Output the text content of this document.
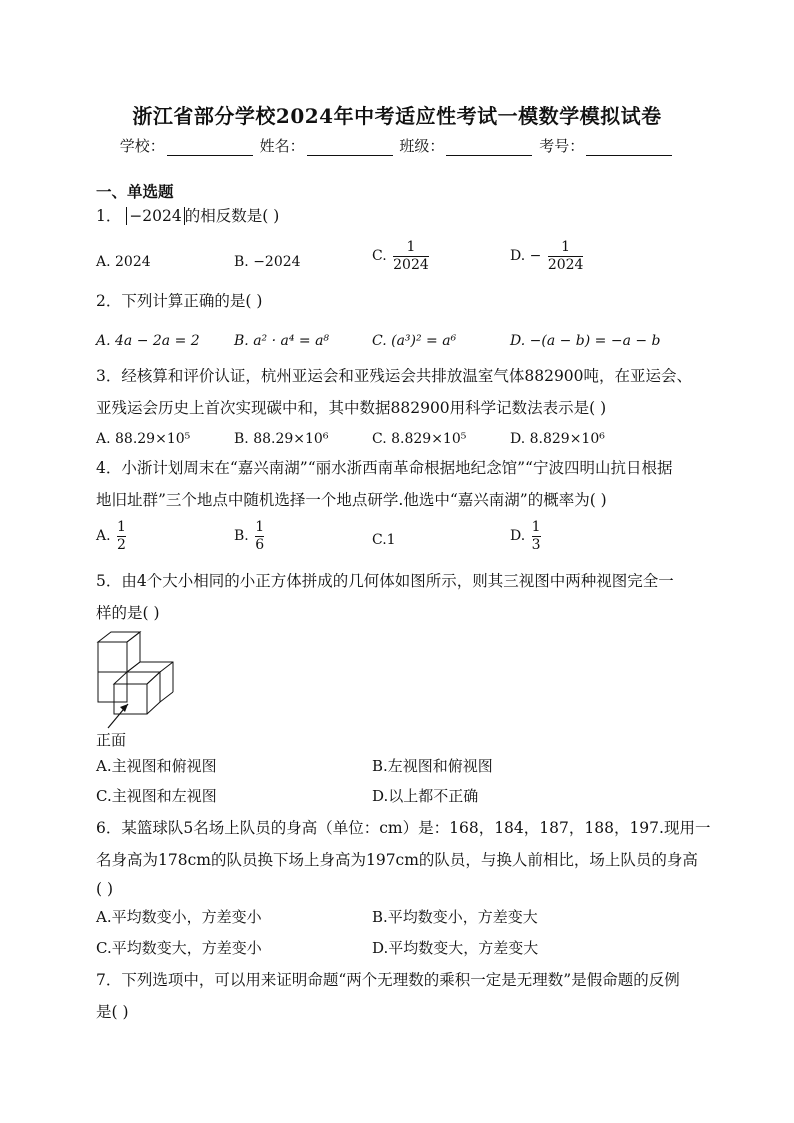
浙江省部分学校2024年中考适应性考试一模数学模拟试卷
学校：	姓名：	班级：	考号：
一、单选题
1． −2024 的相反数是( )
A. 2024	B. −2024	C. $\frac{1}{2024}$	D. − $\frac{1}{2024}$
2．下列计算正确的是( )
A. 4a − 2a = 2 B. a² · a⁴ = a⁸	C. (a³)² = a⁶	D. −(a − b) = −a − b
3．经核算和评价认证，杭州亚运会和亚残运会共排放温室气体882900吨，在亚运会、
亚残运会历史上首次实现碳中和，其中数据882900用科学记数法表示是( )
A. 88.29×10⁵	B. 88.29×10⁶	C. 8.829×10⁵	D. 8.829×10⁶
4．小浙计划周末在“嘉兴南湖”“丽水浙西南革命根据地纪念馆”“宁波四明山抗日根据
地旧址群”三个地点中随机选择一个地点研学.他选中“嘉兴南湖”的概率为( )
A. $\frac{1}{2}$	B. $\frac{1}{6}$	C.1	D. $\frac{1}{3}$
5．由4个大小相同的小正方体拼成的几何体如图所示，则其三视图中两种视图完全一
样的是( )
正面
A.主视图和俯视图	B.左视图和俯视图
C.主视图和左视图	D.以上都不正确
6．某篮球队5名场上队员的身高（单位：cm）是：168，184，187，188，197.现用一
名身高为178cm的队员换下场上身高为197cm的队员，与换人前相比，场上队员的身高
( )
A.平均数变小，方差变小	B.平均数变小，方差变大
C.平均数变大，方差变小	D.平均数变大，方差变大
7．下列选项中，可以用来证明命题“两个无理数的乘积一定是无理数”是假命题的反例
是( )
